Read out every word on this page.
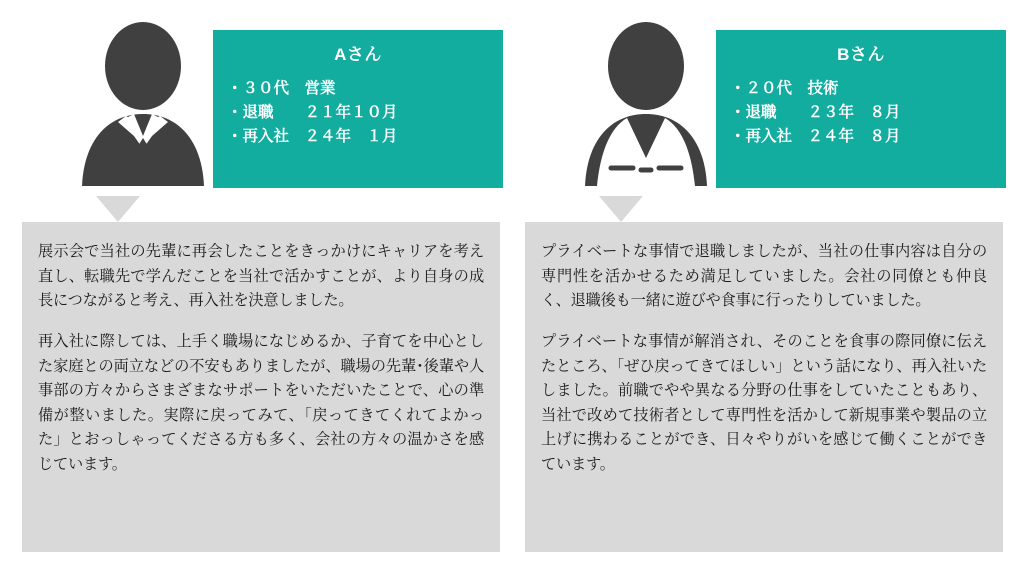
Aさん
・３０代　営業
・退職　　２１年１０月
・再入社　２４年　１月

展示会で当社の先輩に再会したことをきっかけにキャリアを考え直し、転職先で学んだことを当社で活かすことが、より自身の成長につながると考え、再入社を決意しました。

再入社に際しては、上手く職場になじめるか、子育てを中心とした家庭との両立などの不安もありましたが、職場の先輩･後輩や人事部の方々からさまざまなサポートをいただいたことで、心の準備が整いました。実際に戻ってみて、「戻ってきてくれてよかった」とおっしゃってくださる方も多く、会社の方々の温かさを感じています。

Bさん
・２０代　技術
・退職　　２３年　８月
・再入社　２４年　８月

プライベートな事情で退職しましたが、当社の仕事内容は自分の専門性を活かせるため満足していました。会社の同僚とも仲良く、退職後も一緒に遊びや食事に行ったりしていました。

プライベートな事情が解消され、そのことを食事の際同僚に伝えたところ、「ぜひ戻ってきてほしい」という話になり、再入社いたしました。前職でやや異なる分野の仕事をしていたこともあり、当社で改めて技術者として専門性を活かして新規事業や製品の立上げに携わることができ、日々やりがいを感じて働くことができています。
